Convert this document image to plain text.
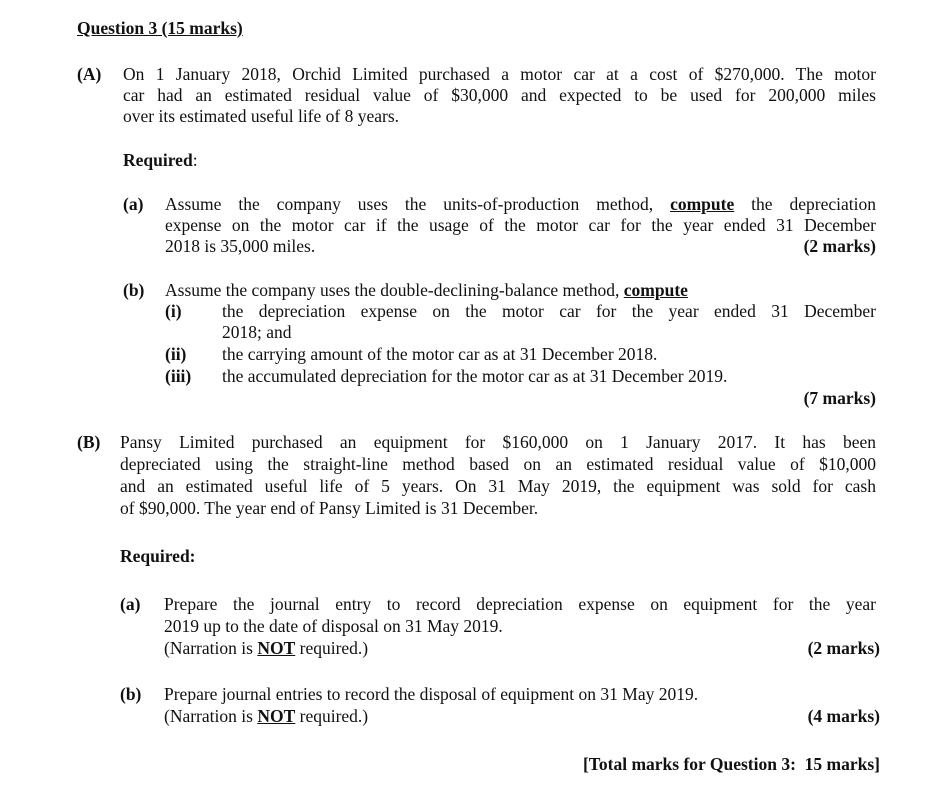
Question 3 (15 marks)
(A) On 1 January 2018, Orchid Limited purchased a motor car at a cost of $270,000. The motor
car had an estimated residual value of $30,000 and expected to be used for 200,000 miles
over its estimated useful life of 8 years.
Required:
(a) Assume the company uses the units-of-production method, compute the depreciation
expense on the motor car if the usage of the motor car for the year ended 31 December
2018 is 35,000 miles.	(2 marks)
(b) Assume the company uses the double-declining-balance method, compute
(i) the depreciation expense on the motor car for the year ended 31 December
2018; and
(ii) the carrying amount of the motor car as at 31 December 2018.
(iii) the accumulated depreciation for the motor car as at 31 December 2019.
(7 marks)
(B) Pansy Limited purchased an equipment for $160,000 on 1 January 2017. It has been
depreciated using the straight-line method based on an estimated residual value of $10,000
and an estimated useful life of 5 years. On 31 May 2019, the equipment was sold for cash
of $90,000. The year end of Pansy Limited is 31 December.
Required:
(a) Prepare the journal entry to record depreciation expense on equipment for the year
2019 up to the date of disposal on 31 May 2019.
(Narration is NOT required.)	(2 marks)
(b) Prepare journal entries to record the disposal of equipment on 31 May 2019.
(Narration is NOT required.)	(4 marks)
[Total marks for Question 3:  15 marks]
